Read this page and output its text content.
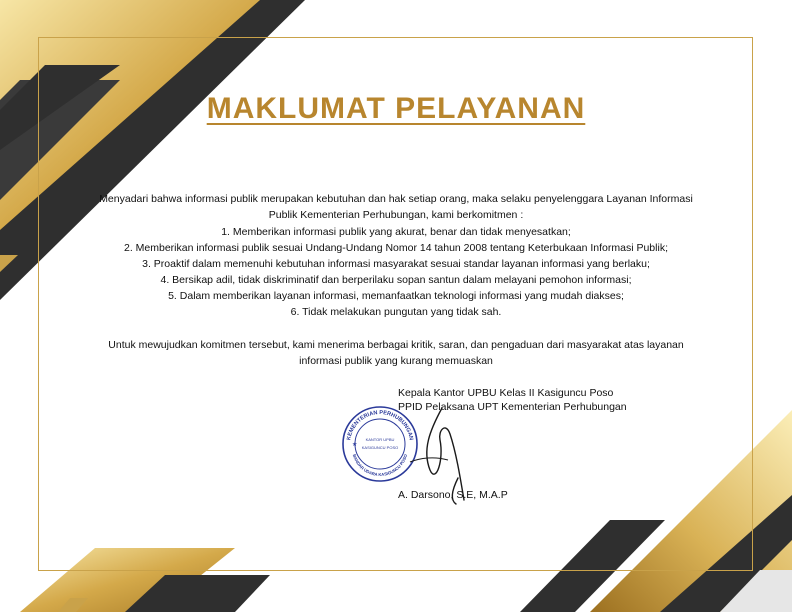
MAKLUMAT PELAYANAN

Menyadari bahwa informasi publik merupakan kebutuhan dan hak setiap orang, maka selaku penyelenggara Layanan Informasi Publik Kementerian Perhubungan, kami berkomitmen :

1. Memberikan informasi publik yang akurat, benar dan tidak menyesatkan;
2. Memberikan informasi publik sesuai Undang-Undang Nomor 14 tahun 2008 tentang Keterbukaan Informasi Publik;
3. Proaktif dalam memenuhi kebutuhan informasi masyarakat sesuai standar layanan informasi yang berlaku;
4. Bersikap adil, tidak diskriminatif dan berperilaku sopan santun dalam melayani pemohon informasi;
5. Dalam memberikan layanan informasi, memanfaatkan teknologi informasi yang mudah diakses;
6. Tidak melakukan pungutan yang tidak sah.

Untuk mewujudkan komitmen tersebut, kami menerima berbagai kritik, saran, dan pengaduan dari masyarakat atas layanan informasi publik yang kurang memuaskan

Kepala Kantor UPBU Kelas II Kasiguncu Poso
PPID Pelaksana UPT Kementerian Perhubungan
KEMENTERIAN PERHUBUNGAN
BANDAR UDARA KASIGUNCU POSO
KANTOR UPBU
KASIGUNCU POSO
★
A. Darsono, S.E, M.A.P
